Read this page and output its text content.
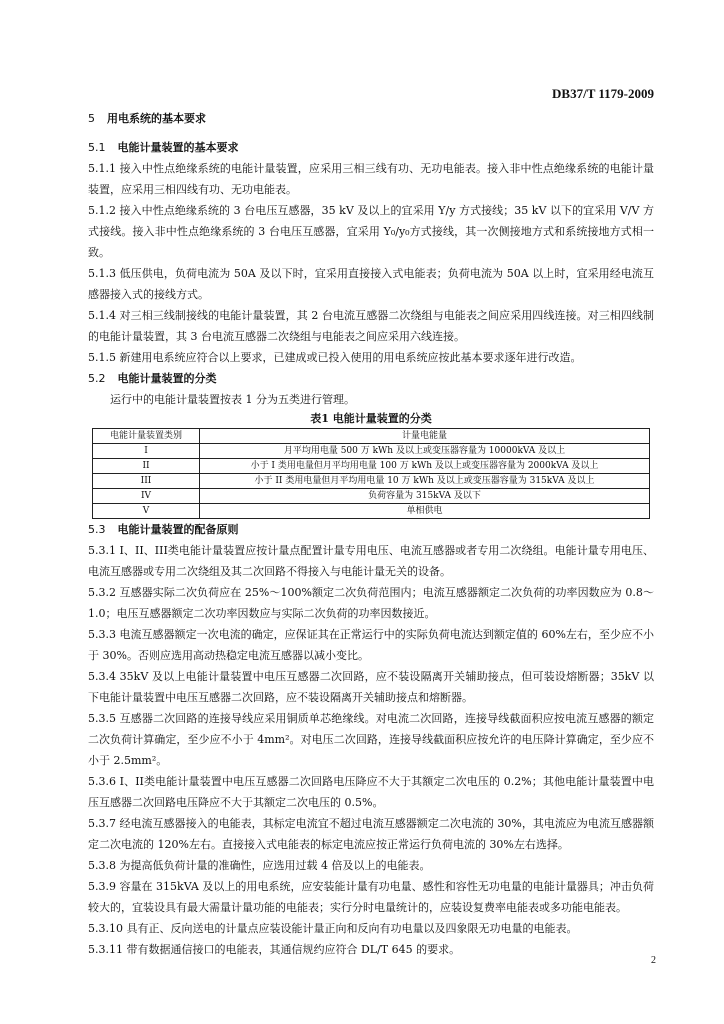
DB37/T 1179-2009

5 用电系统的基本要求

5.1 电能计量装置的基本要求

5.1.1 接入中性点绝缘系统的电能计量装置，应采用三相三线有功、无功电能表。接入非中性点绝缘系统的电能计量装置，应采用三相四线有功、无功电能表。

5.1.2 接入中性点绝缘系统的 3 台电压互感器，35 kV 及以上的宜采用 Y/y 方式接线；35 kV 以下的宜采用 V/V 方式接线。接入非中性点绝缘系统的 3 台电压互感器，宜采用 Y₀/y₀方式接线，其一次侧接地方式和系统接地方式相一致。

5.1.3 低压供电，负荷电流为 50A 及以下时，宜采用直接接入式电能表；负荷电流为 50A 以上时，宜采用经电流互感器接入式的接线方式。

5.1.4 对三相三线制接线的电能计量装置，其 2 台电流互感器二次绕组与电能表之间应采用四线连接。对三相四线制的电能计量装置，其 3 台电流互感器二次绕组与电能表之间应采用六线连接。

5.1.5 新建用电系统应符合以上要求，已建成或已投入使用的用电系统应按此基本要求逐年进行改造。

5.2 电能计量装置的分类

运行中的电能计量装置按表 1 分为五类进行管理。

表1 电能计量装置的分类

电能计量装置类别	计量电能量
I	月平均用电量 500 万 kWh 及以上或变压器容量为 10000kVA 及以上
II	小于 I 类用电量但月平均用电量 100 万 kWh 及以上或变压器容量为 2000kVA 及以上
III	小于 II 类用电量但月平均用电量 10 万 kWh 及以上或变压器容量为 315kVA 及以上
IV	负荷容量为 315kVA 及以下
V	单相供电

5.3 电能计量装置的配备原则

5.3.1 I、II、III类电能计量装置应按计量点配置计量专用电压、电流互感器或者专用二次绕组。电能计量专用电压、电流互感器或专用二次绕组及其二次回路不得接入与电能计量无关的设备。

5.3.2 互感器实际二次负荷应在 25%～100%额定二次负荷范围内；电流互感器额定二次负荷的功率因数应为 0.8～1.0；电压互感器额定二次功率因数应与实际二次负荷的功率因数接近。

5.3.3 电流互感器额定一次电流的确定，应保证其在正常运行中的实际负荷电流达到额定值的 60%左右，至少应不小于 30%。否则应选用高动热稳定电流互感器以减小变比。

5.3.4 35kV 及以上电能计量装置中电压互感器二次回路，应不装设隔离开关辅助接点，但可装设熔断器；35kV 以下电能计量装置中电压互感器二次回路，应不装设隔离开关辅助接点和熔断器。

5.3.5 互感器二次回路的连接导线应采用铜质单芯绝缘线。对电流二次回路，连接导线截面积应按电流互感器的额定二次负荷计算确定，至少应不小于 4mm²。对电压二次回路，连接导线截面积应按允许的电压降计算确定，至少应不小于 2.5mm²。

5.3.6 I、II类电能计量装置中电压互感器二次回路电压降应不大于其额定二次电压的 0.2%；其他电能计量装置中电压互感器二次回路电压降应不大于其额定二次电压的 0.5%。

5.3.7 经电流互感器接入的电能表，其标定电流宜不超过电流互感器额定二次电流的 30%，其电流应为电流互感器额定二次电流的 120%左右。直接接入式电能表的标定电流应按正常运行负荷电流的 30%左右选择。

5.3.8 为提高低负荷计量的准确性，应选用过载 4 倍及以上的电能表。

5.3.9 容量在 315kVA 及以上的用电系统，应安装能计量有功电量、感性和容性无功电量的电能计量器具；冲击负荷较大的，宜装设具有最大需量计量功能的电能表；实行分时电量统计的，应装设复费率电能表或多功能电能表。

5.3.10 具有正、反向送电的计量点应装设能计量正向和反向有功电量以及四象限无功电量的电能表。

5.3.11 带有数据通信接口的电能表，其通信规约应符合 DL/T 645 的要求。

2
